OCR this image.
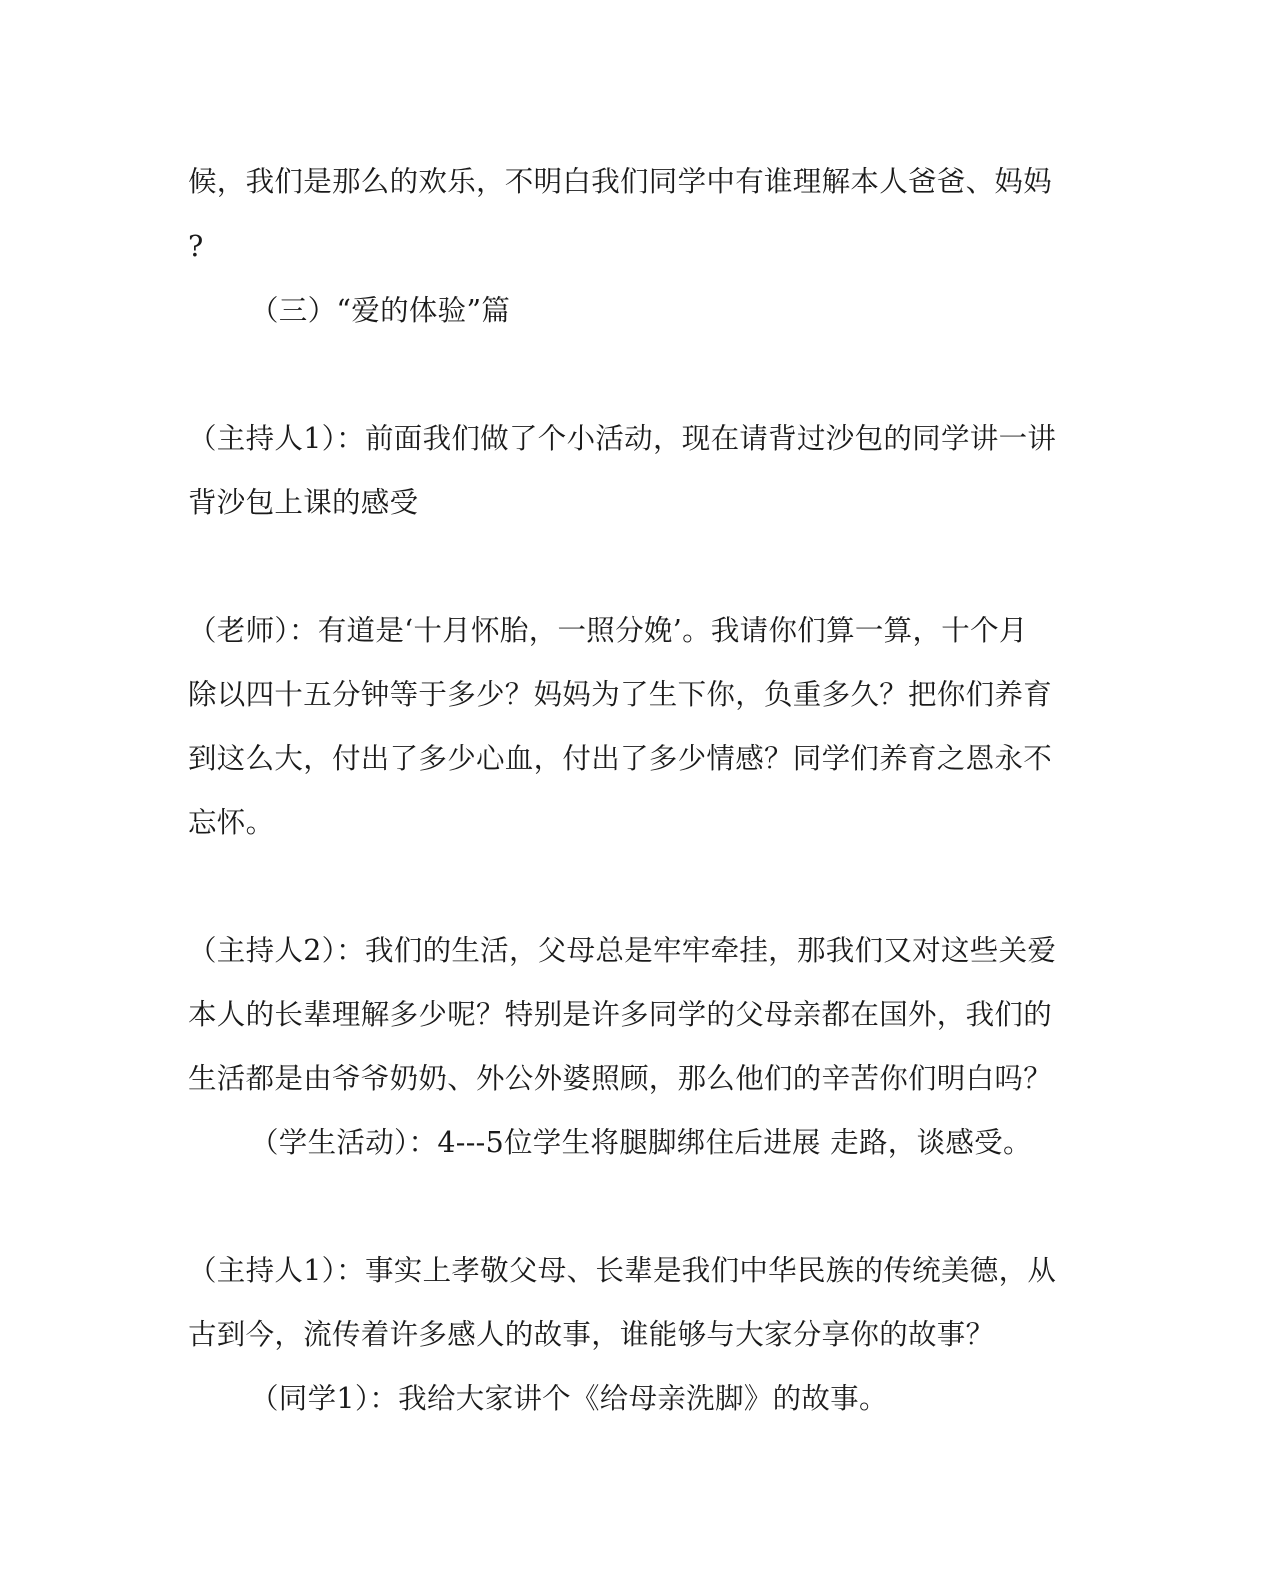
候，我们是那么的欢乐，不明白我们同学中有谁理解本人爸爸、妈妈
?
（三）“爱的体验”篇
（主持人1）：前面我们做了个小活动，现在请背过沙包的同学讲一讲
背沙包上课的感受
（老师）：有道是‘十月怀胎，一照分娩’。我请你们算一算，十个月
除以四十五分钟等于多少？妈妈为了生下你，负重多久？把你们养育
到这么大，付出了多少心血，付出了多少情感？同学们养育之恩永不
忘怀。
（主持人2）：我们的生活，父母总是牢牢牵挂，那我们又对这些关爱
本人的长辈理解多少呢？特别是许多同学的父母亲都在国外，我们的
生活都是由爷爷奶奶、外公外婆照顾，那么他们的辛苦你们明白吗？
（学生活动）：4---5位学生将腿脚绑住后进展 走路，谈感受。
（主持人1）：事实上孝敬父母、长辈是我们中华民族的传统美德，从
古到今，流传着许多感人的故事，谁能够与大家分享你的故事？
（同学1）：我给大家讲个《给母亲洗脚》的故事。
